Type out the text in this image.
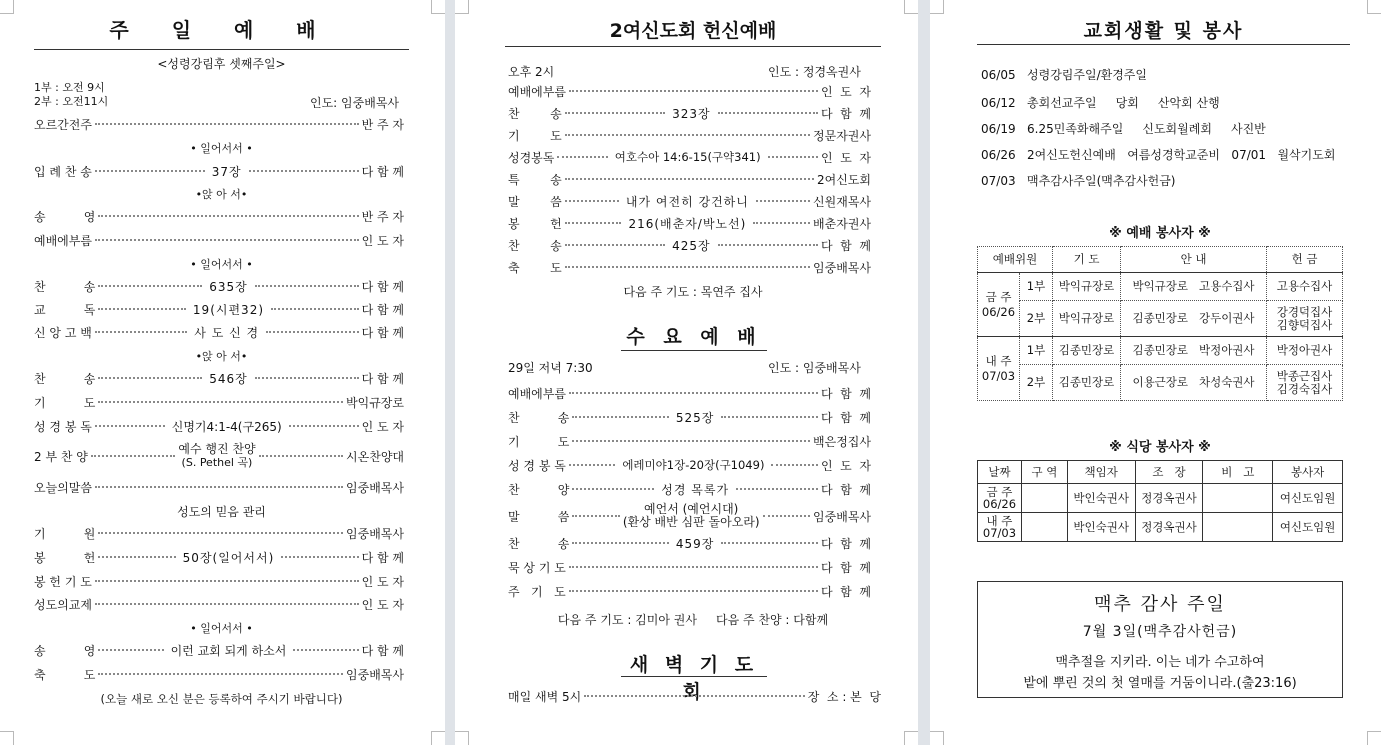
주 일 예 배
<성령강림후 셋째주일>
1부 : 오전 9시
2부 : 오전11시	인도: 임중배목사
오르간전주	반 주 자
• 일어서서 •
입 례 찬 송	37장	다 함 께
•앉 아 서•
송          영	반 주 자
예배에부름	인 도 자
• 일어서서 •
찬          송	635장	다 함 께
교          독	19(시편32)	다 함 께
신 앙 고 백	사 도 신 경	다 함 께
•앉 아 서•
찬          송	546장	다 함 께
기          도	박익규장로
성 경 봉 독	신명기4:1-4(구265)	인 도 자
2 부 찬 양
예수 행진 찬양
(S. Pethel 곡)	시온찬양대
오늘의말씀	임중배목사
성도의 믿음 관리
기          원	임중배목사
봉          헌	50장(일어서서)	다 함 께
봉 헌 기 도	인 도 자
성도의교제	인 도 자
• 일어서서 •
송          영	이런 교회 되게 하소서	다 함 께
축          도	임중배목사
(오늘 새로 오신 분은 등록하여 주시기 바랍니다)
2여신도회 헌신예배
오후 2시	인도 : 정경옥권사
예배에부름	인  도  자
찬        송	323장	다  함  께
기        도	정문자권사
성경봉독	여호수아 14:6-15(구약341)	인  도  자
특        송	2여신도회
말        씀	내가 여전히 강건하니	신원재목사
봉        헌	216(배춘자/박노선)	배춘자권사
찬        송	425장	다  함  께
축        도	임중배목사
다음 주 기도 : 목연주 집사
수 요 예 배
29일 저녁 7:30	인도 : 임중배목사
예배에부름	다  함  께
찬          송	525장	다  함  께
기          도	백은정집사
성 경 봉 독	에레미야1장-20장(구1049)	인  도  자
찬          양	성경 목록가	다  함  께
말          씀
예언서 (예언시대)
(환상 배반 심판 돌아오라)	임중배목사
찬          송	459장	다  함  께
묵 상 기 도	다  함  께
주   기   도	다  함  께
다음 주 기도 : 김미아 권사     다음 주 찬양 : 다함께
새 벽 기 도 회
매일 새벽 5시	장  소 : 본  당
교회생활 및 봉사
06/05   성령강림주일/환경주일
06/12   총회선교주일     당회     산악회 산행
06/19   6.25민족화해주일     신도회월례회     사진반
06/26   2여신도헌신예배   여름성경학교준비   07/01   월삭기도회
07/03   맥추감사주일(맥추감사헌금)
※ 예배 봉사자 ※
예배위원		기 도	안 내	헌 금

금 주
06/26	1부	박익규장로	박익규장로   고용수집사	고용수집사
	2부	박익규장로	김종민장로   강두이권사	강경덕집사
김향덕집사

내 주
07/03	1부	김종민장로	김종민장로   박정아권사	박정아권사
	2부	김종민장로	이용근장로   차성숙권사	박종근집사
김경숙집사
※ 식당 봉사자 ※
날짜	구 역	책임자	조   장	비   고	봉사자

금 주
06/26		박인숙권사	정경옥권사		여신도임원

내 주
07/03		박인숙권사	정경옥권사		여신도임원
맥추 감사 주일
7월 3일(맥추감사헌금)
맥추절을 지키라. 이는 네가 수고하여
밭에 뿌린 것의 첫 열매를 거둠이니라.(출23:16)
